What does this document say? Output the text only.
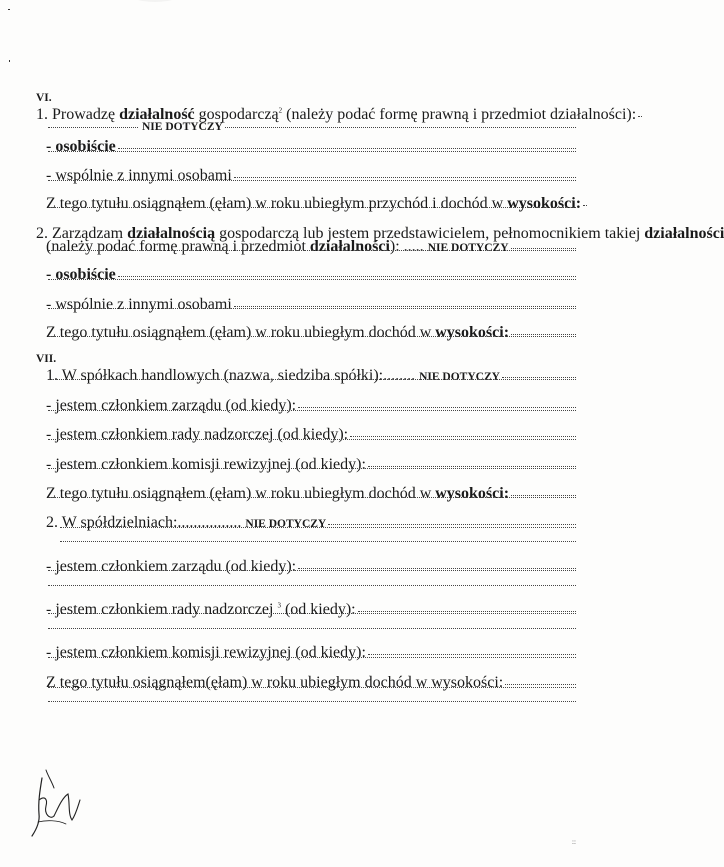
VI.
1. Prowadzę działalność gospodarczą$^2$ (należy podać formę prawną i przedmiot działalności):
NIE DOTYCZY
- osobiście
- wspólnie z innymi osobami
Z tego tytułu osiągnąłem (ęłam) w roku ubiegłym przychód i dochód w wysokości:
2. Zarządzam działalnością gospodarczą lub jestem przedstawicielem, pełnomocnikiem takiej działalności
(należy podać formę prawną i przedmiot działalności): ..... NIE DOTYCZY
- osobiście
- wspólnie z innymi osobami
Z tego tytułu osiągnąłem (ęłam) w roku ubiegłym dochód w wysokości:
VII.
1. W spółkach handlowych (nazwa, siedziba spółki):........ NIE DOTYCZY
- jestem członkiem zarządu (od kiedy):
- jestem członkiem rady nadzorczej (od kiedy):
- jestem członkiem komisji rewizyjnej (od kiedy):
Z tego tytułu osiągnąłem (ęłam) w roku ubiegłym dochód w wysokości:
2. W spółdzielniach:................ NIE DOTYCZY
- jestem członkiem zarządu (od kiedy):
- jestem członkiem rady nadzorczej $^3$ (od kiedy):
- jestem członkiem komisji rewizyjnej (od kiedy):
Z tego tytułu osiągnąłem(ęłam) w roku ubiegłym dochód w wysokości:
::
